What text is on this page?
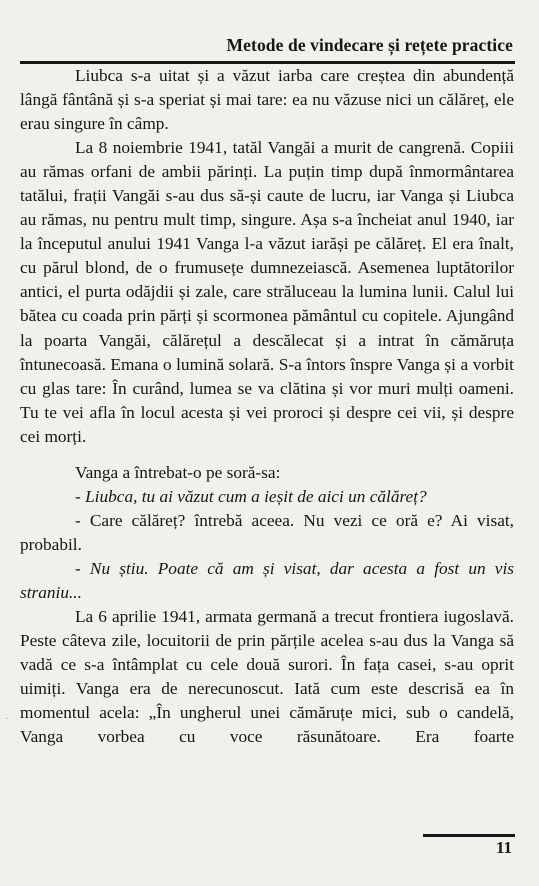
Metode de vindecare și rețete practice

Liubca s-a uitat și a văzut iarba care creștea din abundență lângă fântână și s-a speriat și mai tare: ea nu văzuse nici un călăreț, ele erau singure în câmp.

La 8 noiembrie 1941, tatăl Vangăi a murit de cangrenă. Copiii au rămas orfani de ambii părinți. La puțin timp după înmormântarea tatălui, frații Vangăi s-au dus să-și caute de lucru, iar Vanga și Liubca au rămas, nu pentru mult timp, singure. Așa s-a încheiat anul 1940, iar la începutul anului 1941 Vanga l-a văzut iarăși pe călăreț. El era înalt, cu părul blond, de o frumusețe dumnezeiască. Asemenea luptătorilor antici, el purta odăjdii și zale, care străluceau la lumina lunii. Calul lui bătea cu coada prin părți și scormonea pământul cu copitele. Ajungând la poarta Vangăi, călărețul a descălecat și a intrat în cămăruța întunecoasă. Emana o lumină solară. S-a întors înspre Vanga și a vorbit cu glas tare: În curând, lumea se va clătina și vor muri mulți oameni. Tu te vei afla în locul acesta și vei proroci și despre cei vii, și despre cei morți.

Vanga a întrebat-o pe soră-sa:

- Liubca, tu ai văzut cum a ieșit de aici un călăreț?

- Care călăreț? întrebă aceea. Nu vezi ce oră e? Ai visat, probabil.

- Nu știu. Poate că am și visat, dar acesta a fost un vis straniu...

La 6 aprilie 1941, armata germană a trecut frontiera iugoslavă. Peste câteva zile, locuitorii de prin părțile acelea s-au dus la Vanga să vadă ce s-a întâmplat cu cele două surori. În fața casei, s-au oprit uimiți. Vanga era de nerecunoscut. Iată cum este descrisă ea în momentul acela: „În ungherul unei cămăruțe mici, sub o candelă, Vanga vorbea cu voce răsunătoare. Era foarte

·
11
